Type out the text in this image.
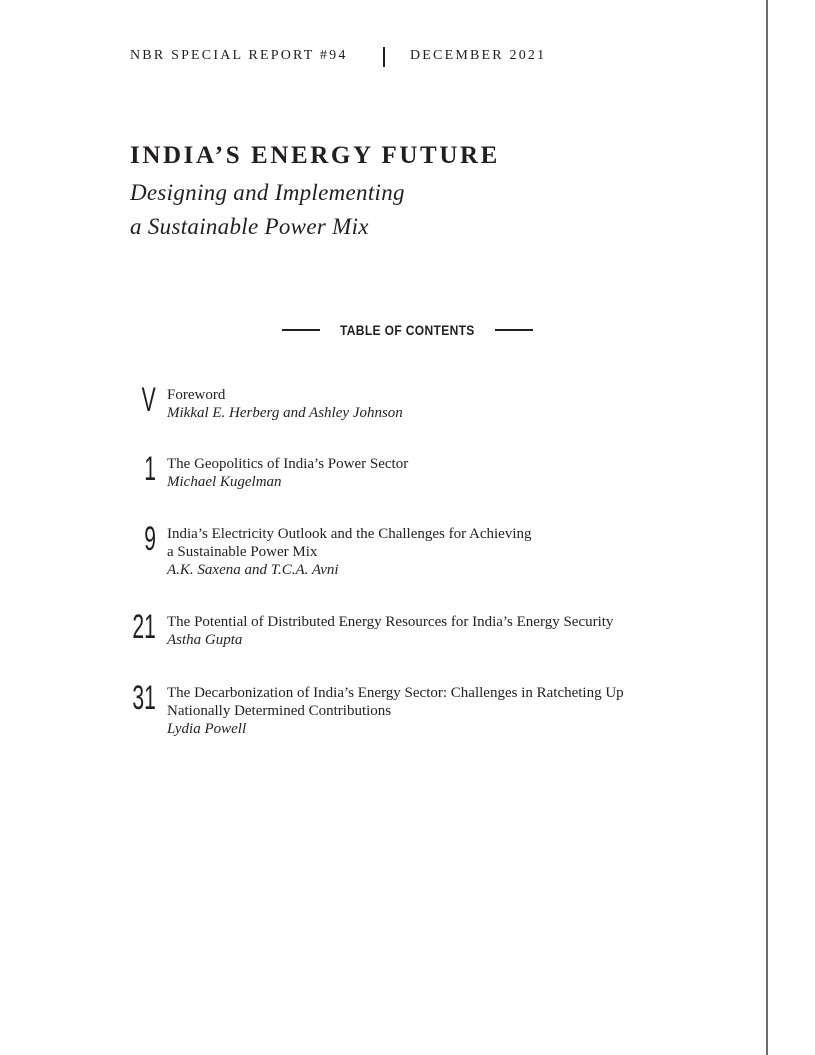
NBR SPECIAL REPORT #94	DECEMBER 2021
INDIA’S ENERGY FUTURE
Designing and Implementing
a Sustainable Power Mix
TABLE OF CONTENTS
V Foreword
Mikkal E. Herberg and Ashley Johnson
1 The Geopolitics of India’s Power Sector
Michael Kugelman
9 India’s Electricity Outlook and the Challenges for Achieving
a Sustainable Power Mix
A.K. Saxena and T.C.A. Avni
21 The Potential of Distributed Energy Resources for India’s Energy Security
Astha Gupta
31 The Decarbonization of India’s Energy Sector: Challenges in Ratcheting Up
Nationally Determined Contributions
Lydia Powell
